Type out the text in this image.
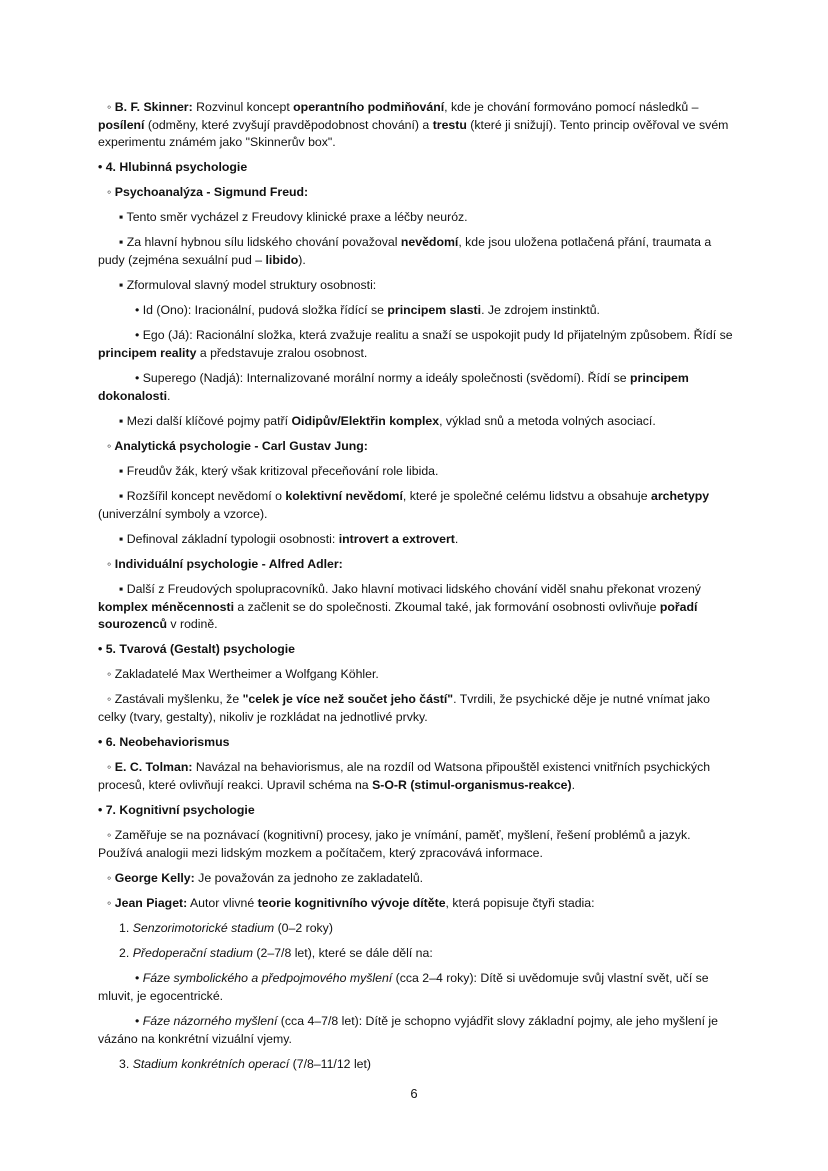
◦ B. F. Skinner: Rozvinul koncept operantního podmiňování, kde je chování formováno pomocí následků – posílení (odměny, které zvyšují pravděpodobnost chování) a trestu (které ji snižují). Tento princip ověřoval ve svém experimentu známém jako "Skinnerův box".
• 4. Hlubinná psychologie
◦ Psychoanalýza - Sigmund Freud:
▪ Tento směr vycházel z Freudovy klinické praxe a léčby neuróz.
▪ Za hlavní hybnou sílu lidského chování považoval nevědomí, kde jsou uložena potlačená přání, traumata a pudy (zejména sexuální pud – libido).
▪ Zformuloval slavný model struktury osobnosti:
• Id (Ono): Iracionální, pudová složka řídící se principem slasti. Je zdrojem instinktů.
• Ego (Já): Racionální složka, která zvažuje realitu a snaží se uspokojit pudy Id přijatelným způsobem. Řídí se principem reality a představuje zralou osobnost.
• Superego (Nadjá): Internalizované morální normy a ideály společnosti (svědomí). Řídí se principem dokonalosti.
▪ Mezi další klíčové pojmy patří Oidipův/Elektřin komplex, výklad snů a metoda volných asociací.
◦ Analytická psychologie - Carl Gustav Jung:
▪ Freudův žák, který však kritizoval přeceňování role libida.
▪ Rozšířil koncept nevědomí o kolektivní nevědomí, které je společné celému lidstvu a obsahuje archetypy (univerzální symboly a vzorce).
▪ Definoval základní typologii osobnosti: introvert a extrovert.
◦ Individuální psychologie - Alfred Adler:
▪ Další z Freudových spolupracovníků. Jako hlavní motivaci lidského chování viděl snahu překonat vrozený komplex méněcennosti a začlenit se do společnosti. Zkoumal také, jak formování osobnosti ovlivňuje pořadí sourozenců v rodině.
• 5. Tvarová (Gestalt) psychologie
◦ Zakladatelé Max Wertheimer a Wolfgang Köhler.
◦ Zastávali myšlenku, že "celek je více než součet jeho částí". Tvrdili, že psychické děje je nutné vnímat jako celky (tvary, gestalty), nikoliv je rozkládat na jednotlivé prvky.
• 6. Neobehaviorismus
◦ E. C. Tolman: Navázal na behaviorismus, ale na rozdíl od Watsona připouštěl existenci vnitřních psychických procesů, které ovlivňují reakci. Upravil schéma na S-O-R (stimul-organismus-reakce).
• 7. Kognitivní psychologie
◦ Zaměřuje se na poznávací (kognitivní) procesy, jako je vnímání, paměť, myšlení, řešení problémů a jazyk. Používá analogii mezi lidským mozkem a počítačem, který zpracovává informace.
◦ George Kelly: Je považován za jednoho ze zakladatelů.
◦ Jean Piaget: Autor vlivné teorie kognitivního vývoje dítěte, která popisuje čtyři stadia:
1. Senzorimotorické stadium (0–2 roky)
2. Předoperační stadium (2–7/8 let), které se dále dělí na:
• Fáze symbolického a předpojmového myšlení (cca 2–4 roky): Dítě si uvědomuje svůj vlastní svět, učí se mluvit, je egocentrické.
• Fáze názorného myšlení (cca 4–7/8 let): Dítě je schopno vyjádřit slovy základní pojmy, ale jeho myšlení je vázáno na konkrétní vizuální vjemy.
3. Stadium konkrétních operací (7/8–11/12 let)
6
